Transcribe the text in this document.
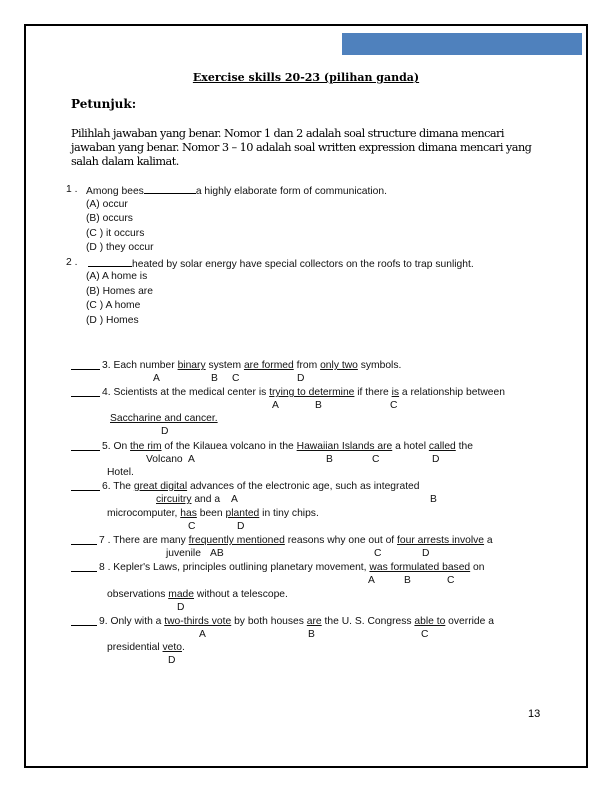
Exercise skills 20-23 (pilihan ganda)
Petunjuk:
Pilihlah jawaban yang benar. Nomor 1 dan 2 adalah soal structure dimana mencari
jawaban yang benar. Nomor 3 – 10 adalah soal written expression dimana mencari yang
salah dalam kalimat.
1 . Among bees	a highly elaborate form of communication.
(A) occur
(B) occurs
(C ) it occurs
(D ) they occur
2 .	heated by solar energy have special collectors on the roofs to trap sunlight.
(A) A home is
(B) Homes are
(C ) A home
(D ) Homes
3. Each number binary system are formed from only two symbols.
A	B C	D
4. Scientists at the medical center is trying to determine if there is a relationship between
A	B	C
Saccharine and cancer.
D
5. On the rim of the Kilauea volcano in the Hawaiian Islands are a hotel called the
Volcano A	B	C	D
Hotel.
6. The great digital advances of the electronic age, such as integrated
circuitry and a A	B
microcomputer, has been planted in tiny chips.
C	D
7 . There are many frequently mentioned reasons why one out of four arrests involve a
juvenile AB	C	D
8 . Kepler's Laws, principles outlining planetary movement, was formulated based on
A	B	C
observations made without a telescope.
D
9. Only with a two-thirds vote by both houses are the U. S. Congress able to override a
A	B	C
presidential veto.
D
13
